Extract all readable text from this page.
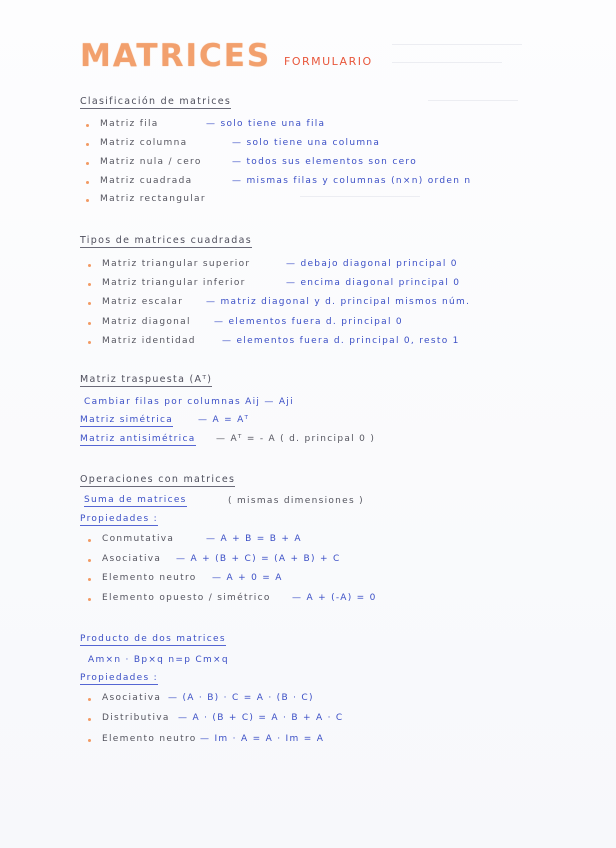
MATRICES FORMULARIO
Clasificación de matrices
Matriz fila	— solo tiene una fila
Matriz columna	— solo tiene una columna
Matriz nula / cero	— todos sus elementos son cero
Matriz cuadrada	— mismas filas y columnas (n×n) orden n
Matriz rectangular
Tipos de matrices cuadradas
Matriz triangular superior	— debajo diagonal principal 0
Matriz triangular inferior	— encima diagonal principal 0
Matriz escalar	— matriz diagonal y d. principal mismos núm.
Matriz diagonal	— elementos fuera d. principal 0
Matriz identidad	— elementos fuera d. principal 0, resto 1
Matriz traspuesta (Aᵀ)
Cambiar filas por columnas Aij — Aji
Matriz simétrica	— A = Aᵀ
Matriz antisimétrica — Aᵀ = - A ( d. principal 0 )
Operaciones con matrices
Suma de matrices	( mismas dimensiones )
Propiedades :
Conmutativa	— A + B = B + A
Asociativa — A + (B + C) = (A + B) + C
Elemento neutro — A + 0 = A
Elemento opuesto / simétrico — A + (-A) = 0
Producto de dos matrices
Am×n · Bp×q n=p Cm×q
Propiedades :
Asociativa — (A · B) · C = A · (B · C)
Distributiva — A · (B + C) = A · B + A · C
Elemento neutro — Im · A = A · Im = A
